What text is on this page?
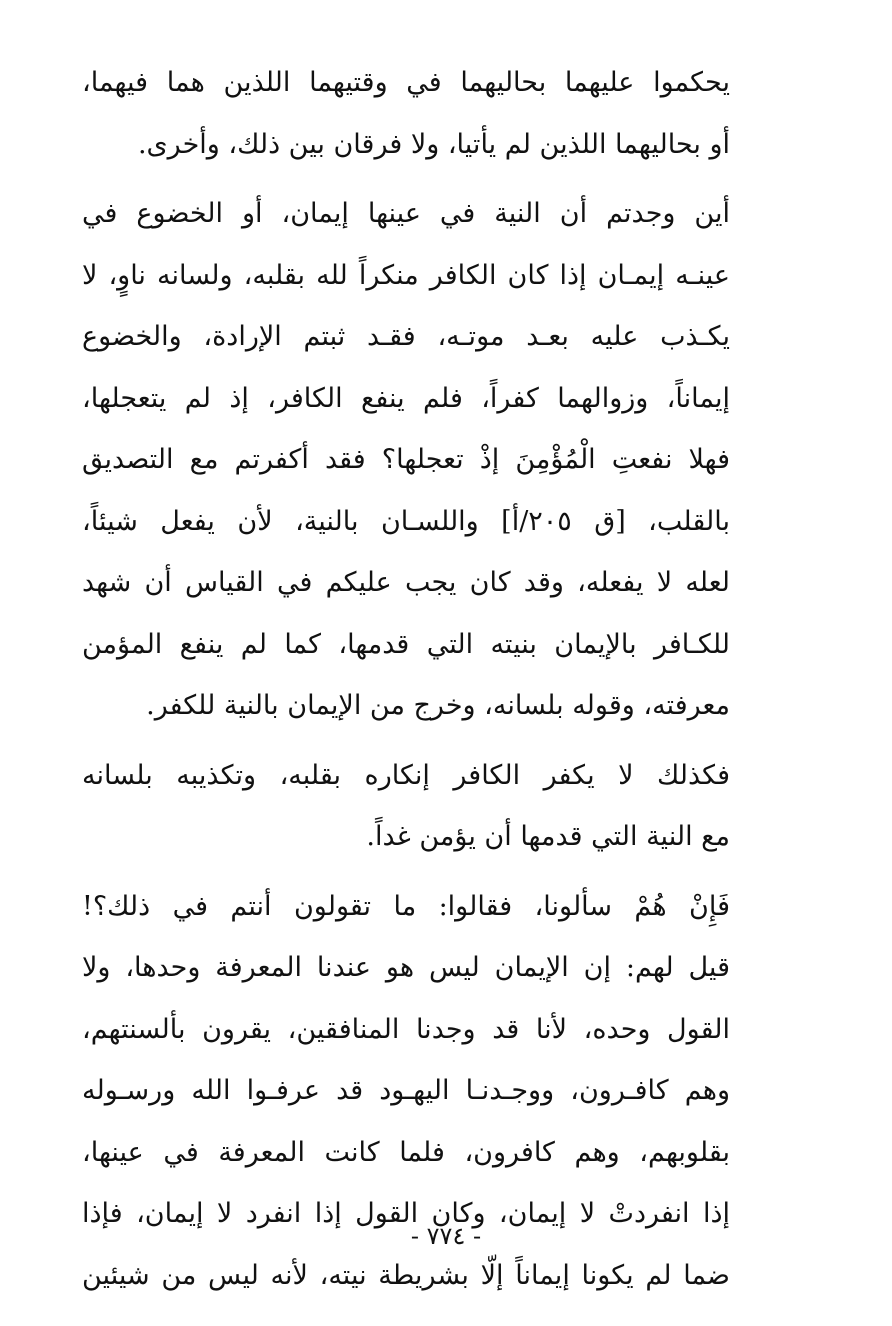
يحكموا عليهما بحاليهما في وقتيهما اللذين هما فيهما،
أو بحاليهما اللذين لم يأتيا، ولا فرقان بين ذلك، وأخرى.
أين وجدتم أن النية في عينها إيمان، أو الخضوع في
عينـه إيمـان إذا كان الكافر منكراً لله بقلبه، ولسانه ناوٍ، لا
يكـذب عليه بعـد موتـه، فقـد ثبتم الإرادة، والخضوع
إيماناً، وزوالهما كفراً، فلم ينفع الكافر، إذ لم يتعجلها،
فهلا نفعتِ الْمُؤْمِنَ إذْ تعجلها؟ فقد أكفرتم مع التصديق
بالقلب، [ق ٢٠٥/أ] واللسـان بالنية، لأن يفعل شيئاً،
لعله لا يفعله، وقد كان يجب عليكم في القياس أن شهد
للكـافر بالإيمان بنيته التي قدمها، كما لم ينفع المؤمن
معرفته، وقوله بلسانه، وخرج من الإيمان بالنية للكفر.
فكذلك لا يكفر الكافر إنكاره بقلبه، وتكذيبه بلسانه
مع النية التي قدمها أن يؤمن غداً.
فَإِنْ هُمْ سألونا، فقالوا: ما تقولون أنتم في ذلك؟!
قيل لهم: إن الإيمان ليس هو عندنا المعرفة وحدها، ولا
القول وحده، لأنا قد وجدنا المنافقين، يقرون بألسنتهم،
وهم كافـرون، ووجـدنـا اليهـود قد عرفـوا الله ورسـوله
بقلوبهم، وهم كافرون، فلما كانت المعرفة في عينها،
إذا انفردتْ لا إيمان، وكان القول إذا انفرد لا إيمان، فإذا
ضما لم يكونا إيماناً إلّا بشريطة نيته، لأنه ليس من شيئين
- ٧٧٤ -
